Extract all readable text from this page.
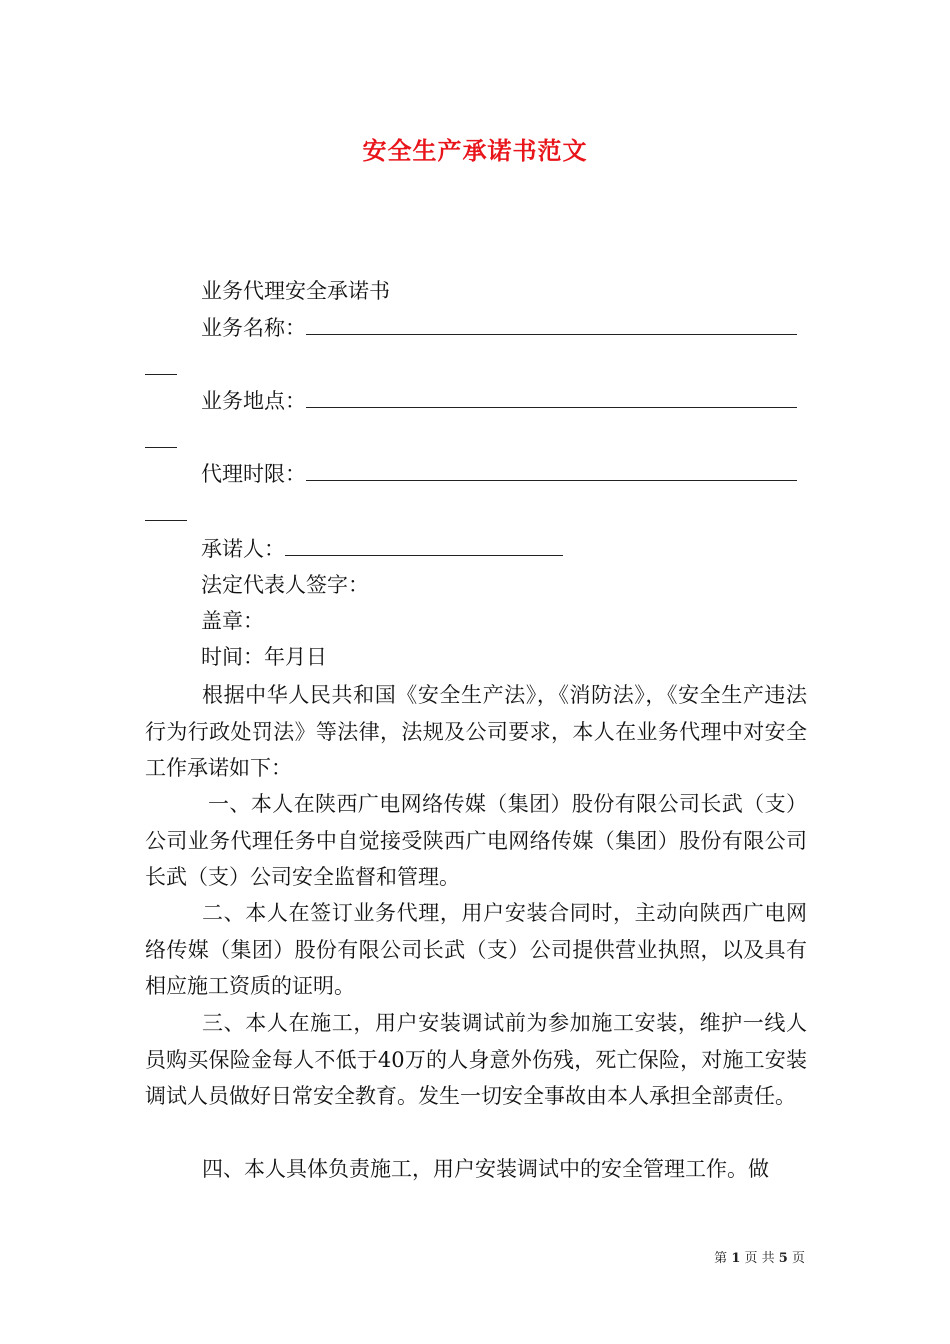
安全生产承诺书范文
业务代理安全承诺书
业务名称：
业务地点：
代理时限：
承诺人：
法定代表人签字：
盖章：
时间：年月日
根据中华人民共和国《安全生产法》，《消防法》，《安全生产违法行为行政处罚法》等法律，法规及公司要求，本人在业务代理中对安全工作承诺如下：
一、本人在陕西广电网络传媒（集团）股份有限公司长武（支）公司业务代理任务中自觉接受陕西广电网络传媒（集团）股份有限公司长武（支）公司安全监督和管理。
二、本人在签订业务代理，用户安装合同时，主动向陕西广电网络传媒（集团）股份有限公司长武（支）公司提供营业执照，以及具有相应施工资质的证明。
三、本人在施工，用户安装调试前为参加施工安装，维护一线人员购买保险金每人不低于40万的人身意外伤残，死亡保险，对施工安装调试人员做好日常安全教育。发生一切安全事故由本人承担全部责任。
四、本人具体负责施工，用户安装调试中的安全管理工作。做
第 1 页 共 5 页
